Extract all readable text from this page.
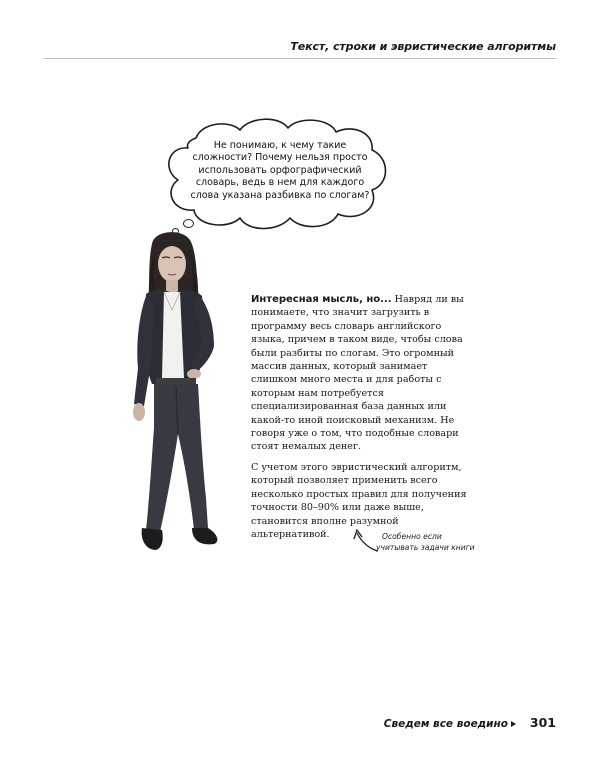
Текст, строки и эвристические алгоритмы
Не понимаю, к чему такие
сложности? Почему нельзя просто
использовать орфографический
словарь, ведь в нем для каждого
слова указана разбивка по слогам?

Интересная мысль, но... Навряд ли вы понимаете, что значит загрузить в программу весь словарь английского языка, причем в таком виде, чтобы слова были разбиты по слогам. Это огромный массив данных, который занимает слишком много места и для работы с которым нам потребуется специализированная база данных или какой-то иной поисковый механизм. Не говоря уже о том, что подобные словари стоят немалых денег.

С учетом этого эвристический алгоритм, который позволяет применить всего несколько простых правил для получения точности 80–90% или даже выше, становится вполне разумной альтернативой.	Особенно если
учитывать задачи книги
Сведем все воедино 301
